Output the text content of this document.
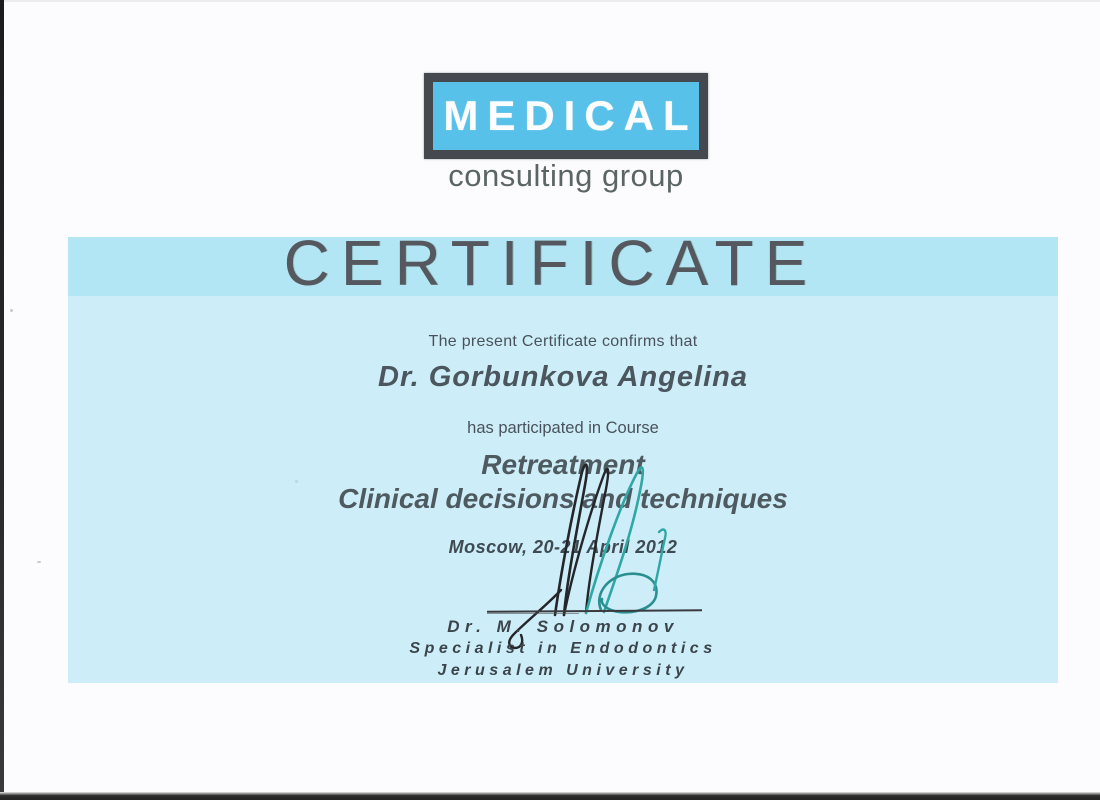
MEDICAL
consulting group
CERTIFICATE
The present Certificate confirms that
Dr. Gorbunkova Angelina
has participated in Course
Retreatment
Clinical decisions and techniques
Moscow, 20-21 April 2012
Dr. M. Solomonov
Specialist in Endodontics
Jerusalem University
